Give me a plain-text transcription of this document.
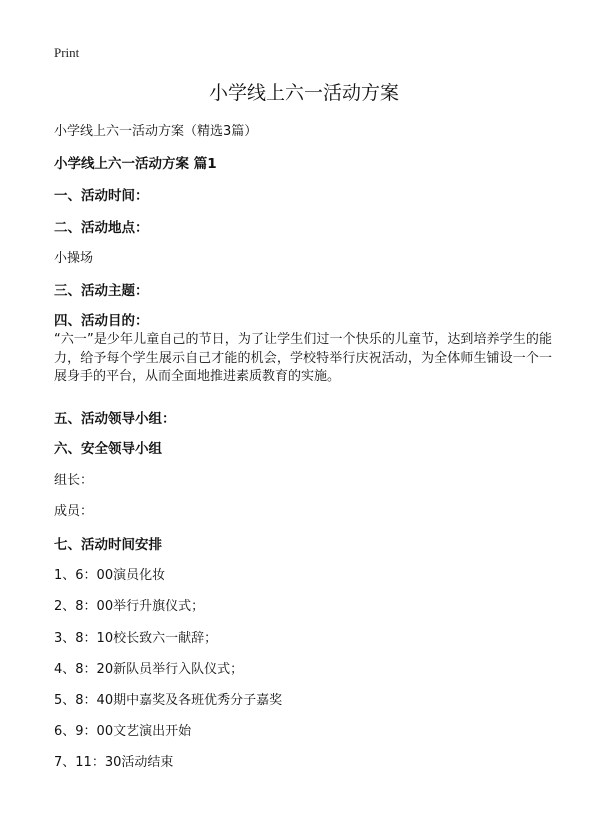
Print
小学线上六一活动方案

小学线上六一活动方案（精选3篇）

小学线上六一活动方案 篇1

一、活动时间：

二、活动地点：

小操场

三、活动主题：

四、活动目的：

“六一”是少年儿童自己的节日，为了让学生们过一个快乐的儿童节，达到培养学生的能力，给予每个学生展示自己才能的机会，学校特举行庆祝活动，为全体师生铺设一个一展身手的平台，从而全面地推进素质教育的实施。

五、活动领导小组：

六、安全领导小组

组长：

成员：

七、活动时间安排

1、6：00演员化妆

2、8：00举行升旗仪式；

3、8：10校长致六一献辞；

4、8：20新队员举行入队仪式；

5、8：40期中嘉奖及各班优秀分子嘉奖

6、9：00文艺演出开始

7、11：30活动结束
